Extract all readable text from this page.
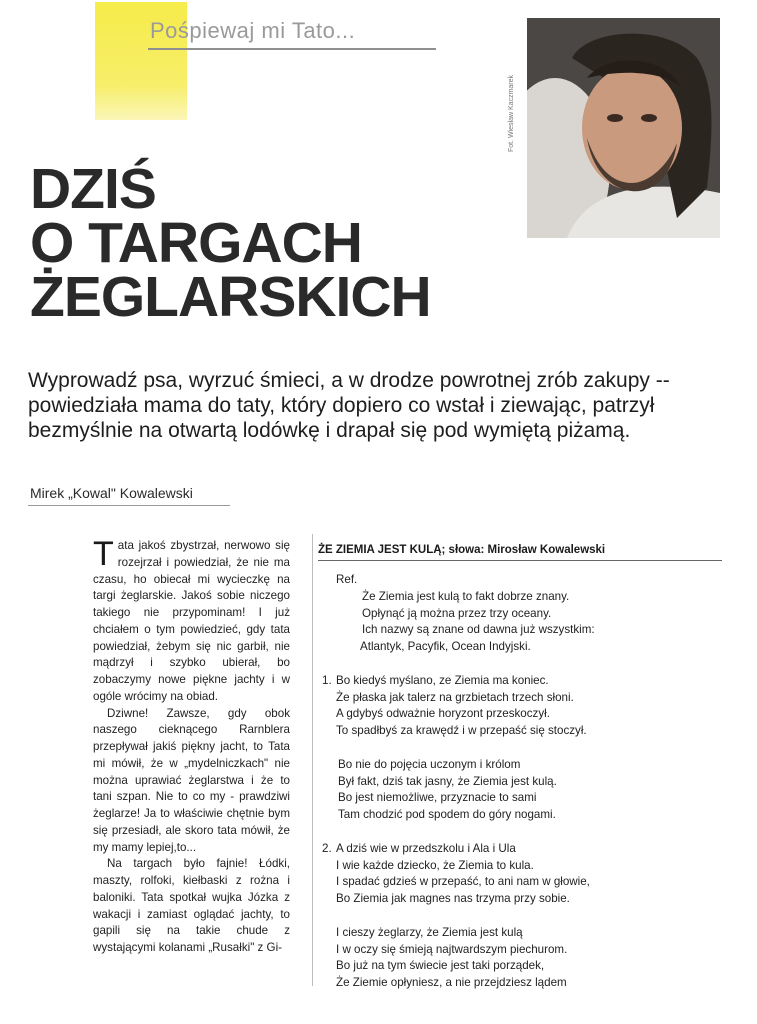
Pośpiewaj mi Tato...
Fot. Wiesław Kaczmarek
DZIŚ
O TARGACH
ŻEGLARSKICH
Wyprowadź psa, wyrzuć śmieci, a w drodze powrotnej zrób zakupy -- powiedziała mama do taty, który dopiero co wstał i ziewając, patrzył bezmyślnie na otwartą lodówkę i drapał się pod wymiętą piżamą.
Mirek „Kowal" Kowalewski

Tata jakoś zbystrzał, nerwowo się rozejrzał i powiedział, że nie ma czasu, ho obiecał mi wycieczkę na targi żeglarskie. Jakoś sobie niczego takiego nie przypominam! I już chciałem o tym powiedzieć, gdy tata powiedział, żebym się nic garbił, nie mądrzył i szybko ubierał, bo zobaczymy nowe piękne jachty i w ogóle wrócimy na obiad.

Dziwne! Zawsze, gdy obok naszego cieknącego Rarnblera przepływał jakiś piękny jacht, to Tata mi mówił, że w „mydelniczkach" nie można uprawiać żeglarstwa i że to tani szpan. Nie to co my - prawdziwi żeglarze! Ja to właściwie chętnie bym się przesiadł, ale skoro tata mówił, że my mamy lepiej,to...

Na targach było fajnie! Łódki, maszty, rolfoki, kiełbaski z rożna i baloniki. Tata spotkał wujka Józka z wakacji i zamiast oglądać jachty, to gapili się na takie chude z wystającymi kolanami „Rusałki" z Gi-

ŻE ZIEMIA JEST KULĄ; słowa: Mirosław Kowalewski
Ref.
Że Ziemia jest kulą to fakt dobrze znany.
Opłynąć ją można przez trzy oceany.
Ich nazwy są znane od dawna już wszystkim:
Atlantyk, Pacyfik, Ocean Indyjski.
1. Bo kiedyś myślano, ze Ziemia ma koniec.
Że płaska jak talerz na grzbietach trzech słoni.
A gdybyś odważnie horyzont przeskoczył.
To spadłbyś za krawędź i w przepaść się stoczył.
Bo nie do pojęcia uczonym i królom
Był fakt, dziś tak jasny, że Ziemia jest kulą.
Bo jest niemożliwe, przyznacie to sami
Tam chodzić pod spodem do góry nogami.
2. A dziś wie w przedszkolu i Ala i Ula
I wie każde dziecko, że Ziemia to kula.
I spadać gdzieś w przepaść, to ani nam w głowie,
Bo Ziemia jak magnes nas trzyma przy sobie.
I cieszy żeglarzy, że Ziemia jest kulą
I w oczy się śmieją najtwardszym piechurom.
Bo już na tym świecie jest taki porządek,
Że Ziemie opłyniesz, a nie przejdziesz lądem
